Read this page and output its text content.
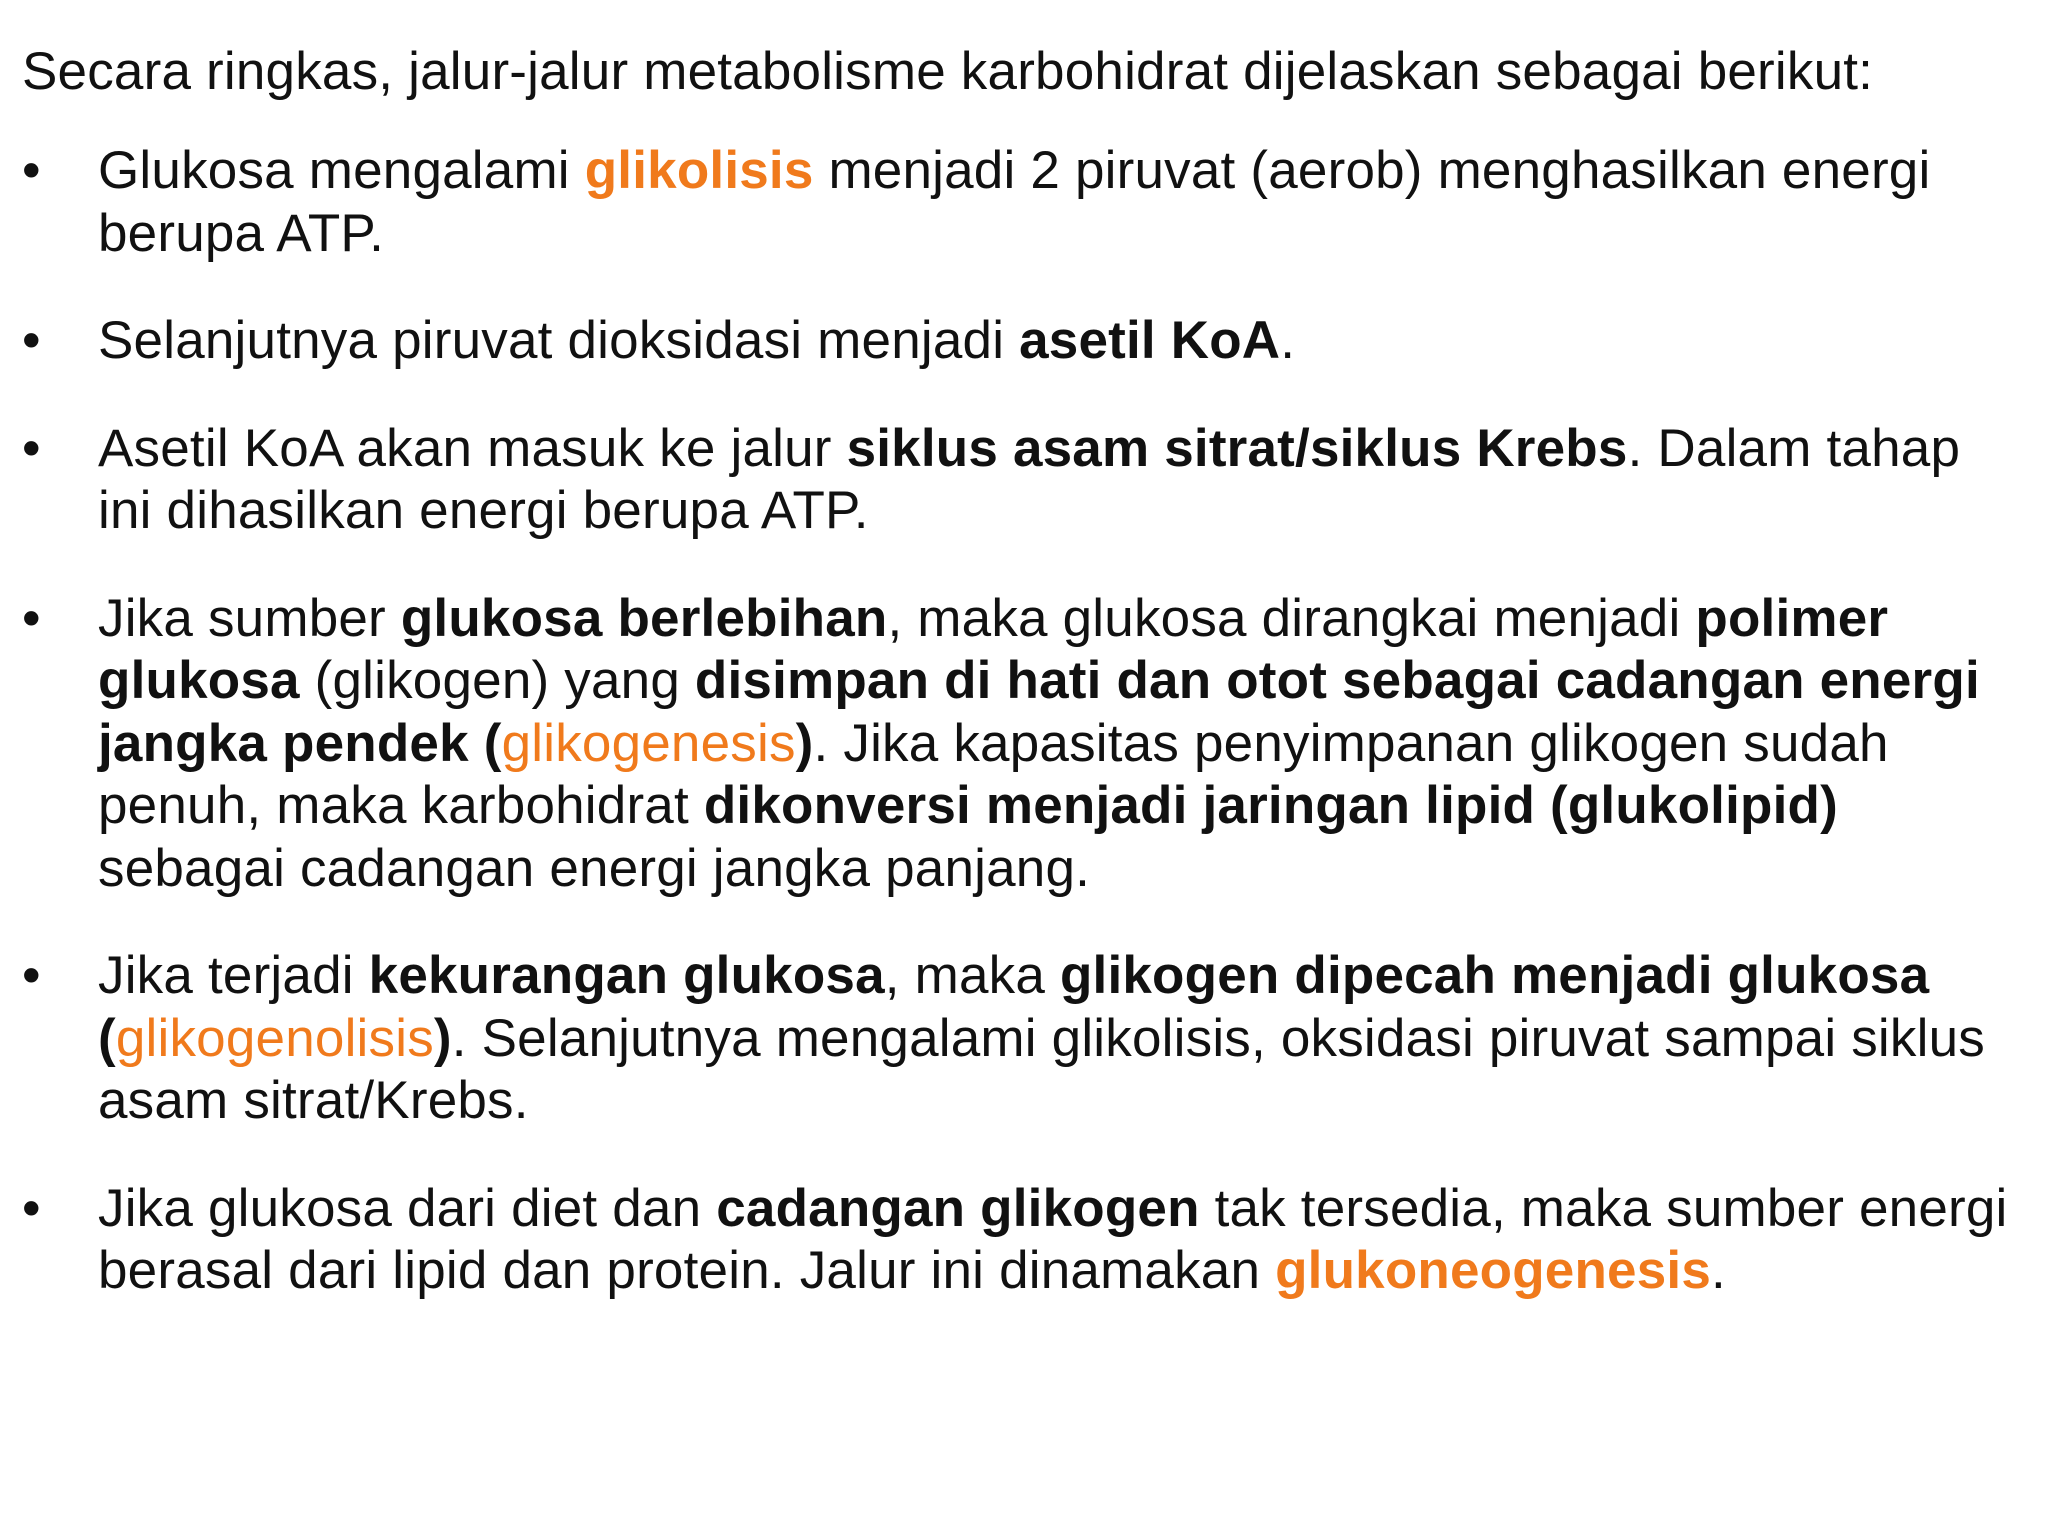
Secara ringkas, jalur-jalur metabolisme karbohidrat dijelaskan sebagai berikut:
•	Glukosa mengalami glikolisis menjadi 2 piruvat (aerob) menghasilkan energi berupa ATP.
•	Selanjutnya piruvat dioksidasi menjadi asetil KoA.
•	Asetil KoA akan masuk ke jalur siklus asam sitrat/siklus Krebs. Dalam tahap ini dihasilkan energi berupa ATP.
•	Jika sumber glukosa berlebihan, maka glukosa dirangkai menjadi polimer glukosa (glikogen) yang disimpan di hati dan otot sebagai cadangan energi jangka pendek (glikogenesis). Jika kapasitas penyimpanan glikogen sudah penuh, maka karbohidrat dikonversi menjadi jaringan lipid (glukolipid) sebagai cadangan energi jangka panjang.
•	Jika terjadi kekurangan glukosa, maka glikogen dipecah menjadi glukosa (glikogenolisis). Selanjutnya mengalami glikolisis, oksidasi piruvat sampai siklus asam sitrat/Krebs.
•	Jika glukosa dari diet dan cadangan glikogen tak tersedia, maka sumber energi berasal dari lipid dan protein. Jalur ini dinamakan glukoneogenesis.
